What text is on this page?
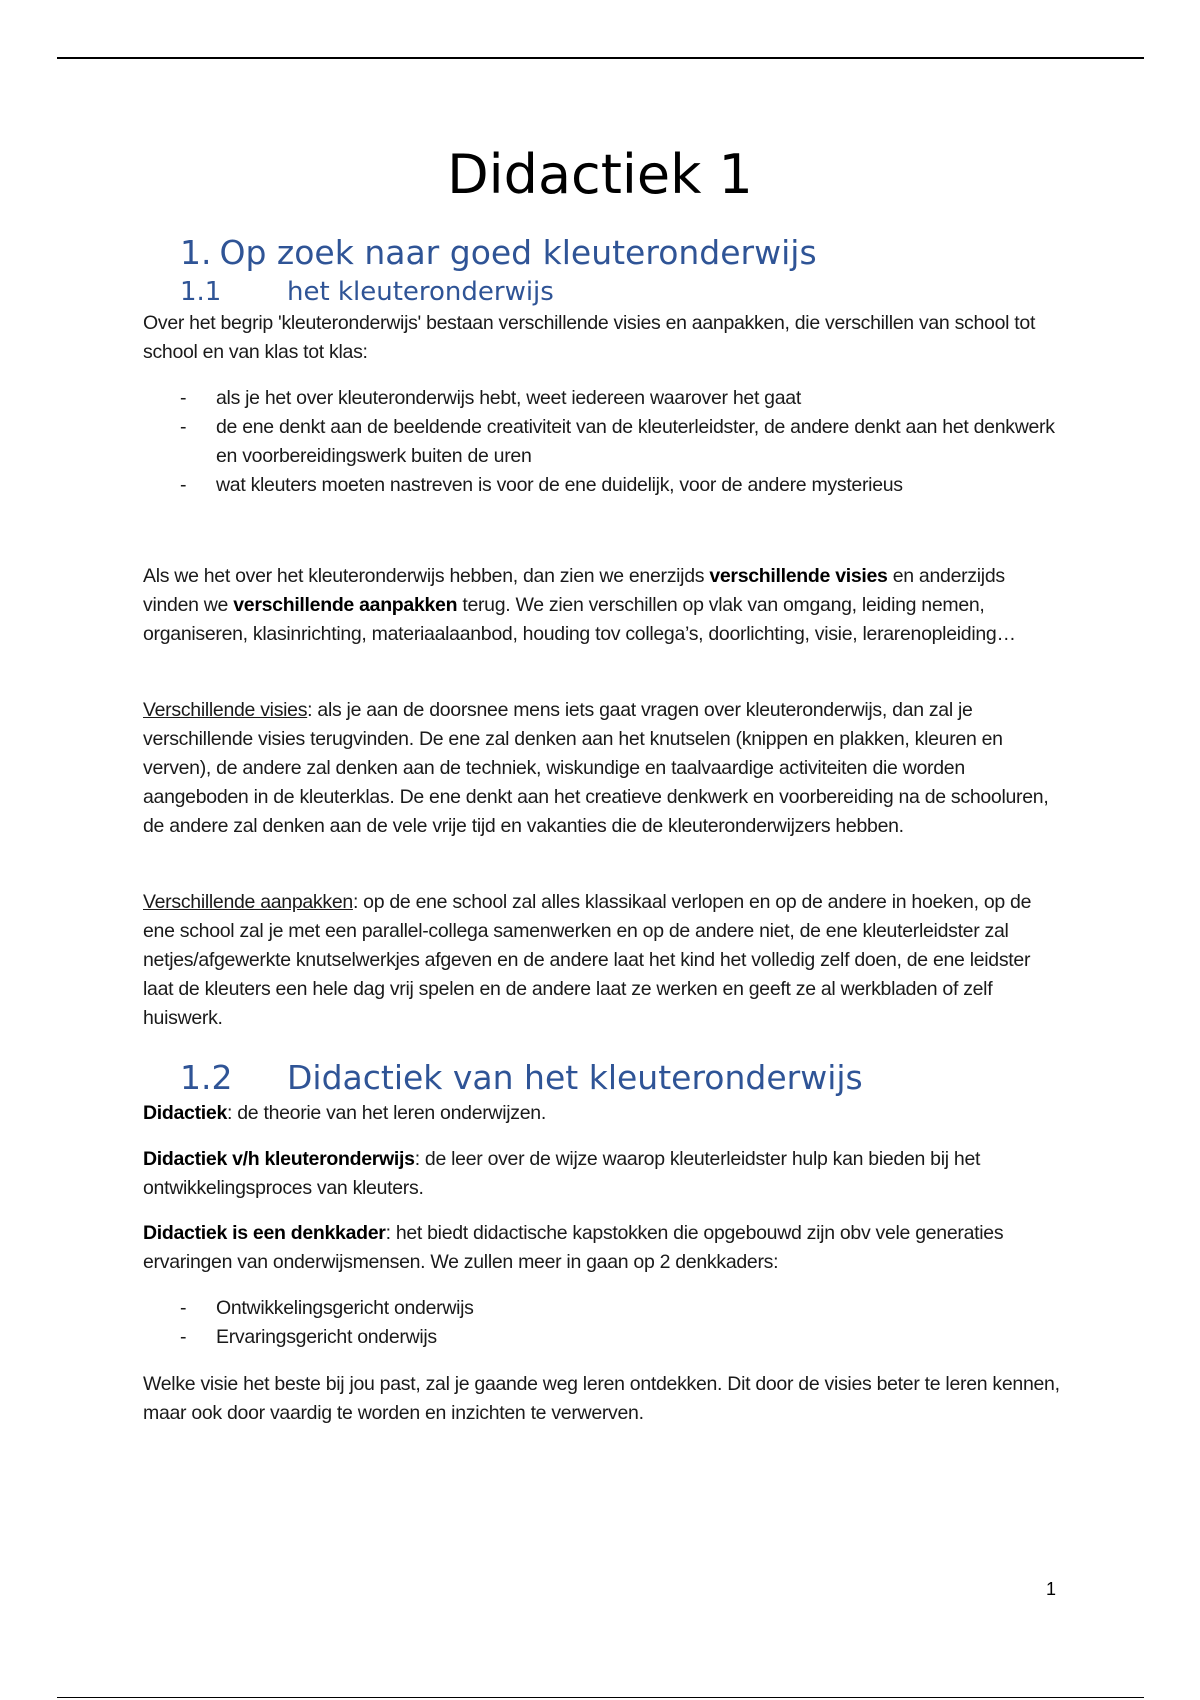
Didactiek 1
1. Op zoek naar goed kleuteronderwijs
1.1	het kleuteronderwijs

Over het begrip 'kleuteronderwijs' bestaan verschillende visies en aanpakken, die verschillen van school tot school en van klas tot klas:

- als je het over kleuteronderwijs hebt, weet iedereen waarover het gaat
- de ene denkt aan de beeldende creativiteit van de kleuterleidster, de andere denkt aan het denkwerk en voorbereidingswerk buiten de uren
- wat kleuters moeten nastreven is voor de ene duidelijk, voor de andere mysterieus

Als we het over het kleuteronderwijs hebben, dan zien we enerzijds verschillende visies en anderzijds vinden we verschillende aanpakken terug. We zien verschillen op vlak van omgang, leiding nemen, organiseren, klasinrichting, materiaalaanbod, houding tov collega’s, doorlichting, visie, lerarenopleiding…

Verschillende visies: als je aan de doorsnee mens iets gaat vragen over kleuteronderwijs, dan zal je verschillende visies terugvinden. De ene zal denken aan het knutselen (knippen en plakken, kleuren en verven), de andere zal denken aan de techniek, wiskundige en taalvaardige activiteiten die worden aangeboden in de kleuterklas. De ene denkt aan het creatieve denkwerk en voorbereiding na de schooluren, de andere zal denken aan de vele vrije tijd en vakanties die de kleuteronderwijzers hebben.

Verschillende aanpakken: op de ene school zal alles klassikaal verlopen en op de andere in hoeken, op de ene school zal je met een parallel-collega samenwerken en op de andere niet, de ene kleuterleidster zal netjes/afgewerkte knutselwerkjes afgeven en de andere laat het kind het volledig zelf doen, de ene leidster laat de kleuters een hele dag vrij spelen en de andere laat ze werken en geeft ze al werkbladen of zelf huiswerk.

1.2 Didactiek van het kleuteronderwijs

Didactiek: de theorie van het leren onderwijzen.

Didactiek v/h kleuteronderwijs: de leer over de wijze waarop kleuterleidster hulp kan bieden bij het ontwikkelingsproces van kleuters.

Didactiek is een denkkader: het biedt didactische kapstokken die opgebouwd zijn obv vele generaties ervaringen van onderwijsmensen. We zullen meer in gaan op 2 denkkaders:

- Ontwikkelingsgericht onderwijs
- Ervaringsgericht onderwijs

Welke visie het beste bij jou past, zal je gaande weg leren ontdekken. Dit door de visies beter te leren kennen, maar ook door vaardig te worden en inzichten te verwerven.

1
